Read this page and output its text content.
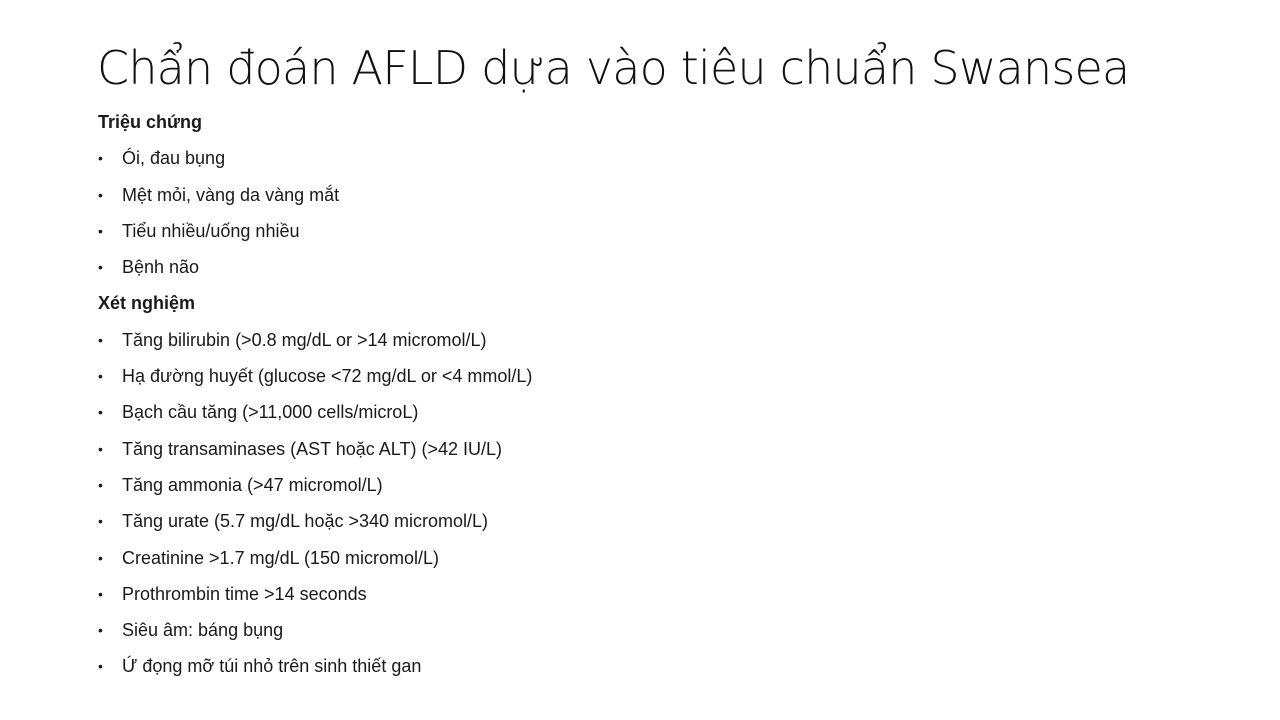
Chẩn đoán AFLD dựa vào tiêu chuẩn Swansea
Triệu chứng
• Ói, đau bụng
• Mệt mỏi, vàng da vàng mắt
• Tiểu nhiều/uống nhiều
• Bệnh não
Xét nghiệm
• Tăng bilirubin (>0.8 mg/dL or >14 micromol/L)
• Hạ đường huyết (glucose <72 mg/dL or <4 mmol/L)
• Bạch cầu tăng (>11,000 cells/microL)
• Tăng transaminases (AST hoặc ALT) (>42 IU/L)
• Tăng ammonia (>47 micromol/L)
• Tăng urate (5.7 mg/dL hoặc >340 micromol/L)
• Creatinine >1.7 mg/dL (150 micromol/L)
• Prothrombin time >14 seconds
• Siêu âm: báng bụng
• Ứ đọng mỡ túi nhỏ trên sinh thiết gan
